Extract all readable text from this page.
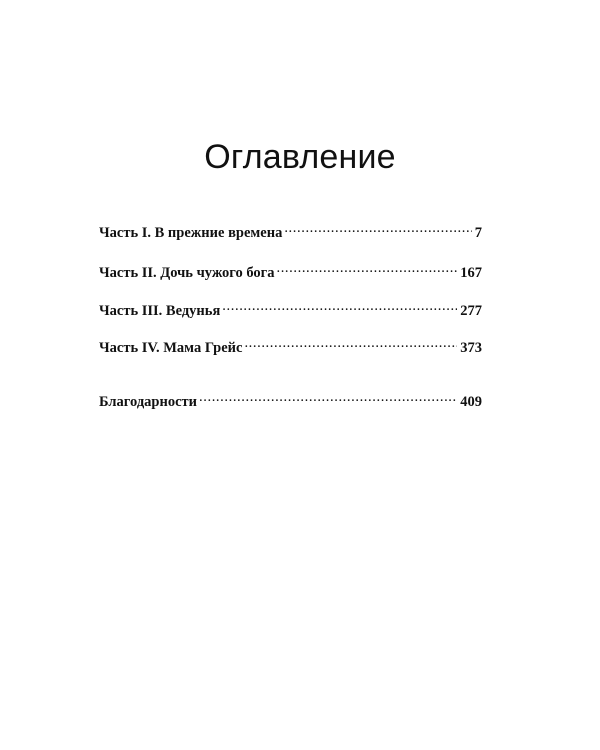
Оглавление
Часть I. В прежние времена .....	7
Часть II. Дочь чужого бога .....	167
Часть III. Ведунья .....	277
Часть IV. Мама Грейс .....	373
Благодарности .....	409
